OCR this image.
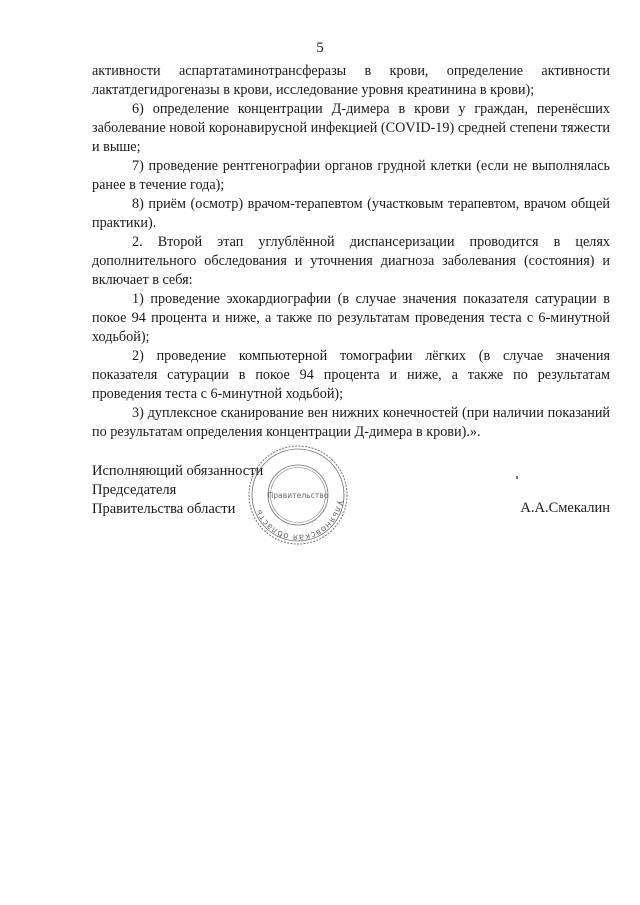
5

активности аспартатаминотрансферазы в крови, определение активности лактатдегидрогеназы в крови, исследование уровня креатинина в крови);

6) определение концентрации Д-димера в крови у граждан, перенёсших заболевание новой коронавирусной инфекцией (COVID-19) средней степени тяжести и выше;

7) проведение рентгенографии органов грудной клетки (если не выполнялась ранее в течение года);

8) приём (осмотр) врачом-терапевтом (участковым терапевтом, врачом общей практики).

2. Второй этап углублённой диспансеризации проводится в целях дополнительного обследования и уточнения диагноза заболевания (состояния) и включает в себя:

1) проведение эхокардиографии (в случае значения показателя сатурации в покое 94 процента и ниже, а также по результатам проведения теста с 6-минутной ходьбой);

2) проведение компьютерной томографии лёгких (в случае значения показателя сатурации в покое 94 процента и ниже, а также по результатам проведения теста с 6-минутной ходьбой);

3) дуплексное сканирование вен нижних конечностей (при наличии показаний по результатам определения концентрации Д-димера в крови).».

Исполняющий обязанности
Председателя
Правительства области	Ульяновская область
Правительство
А.А.Смекалин
